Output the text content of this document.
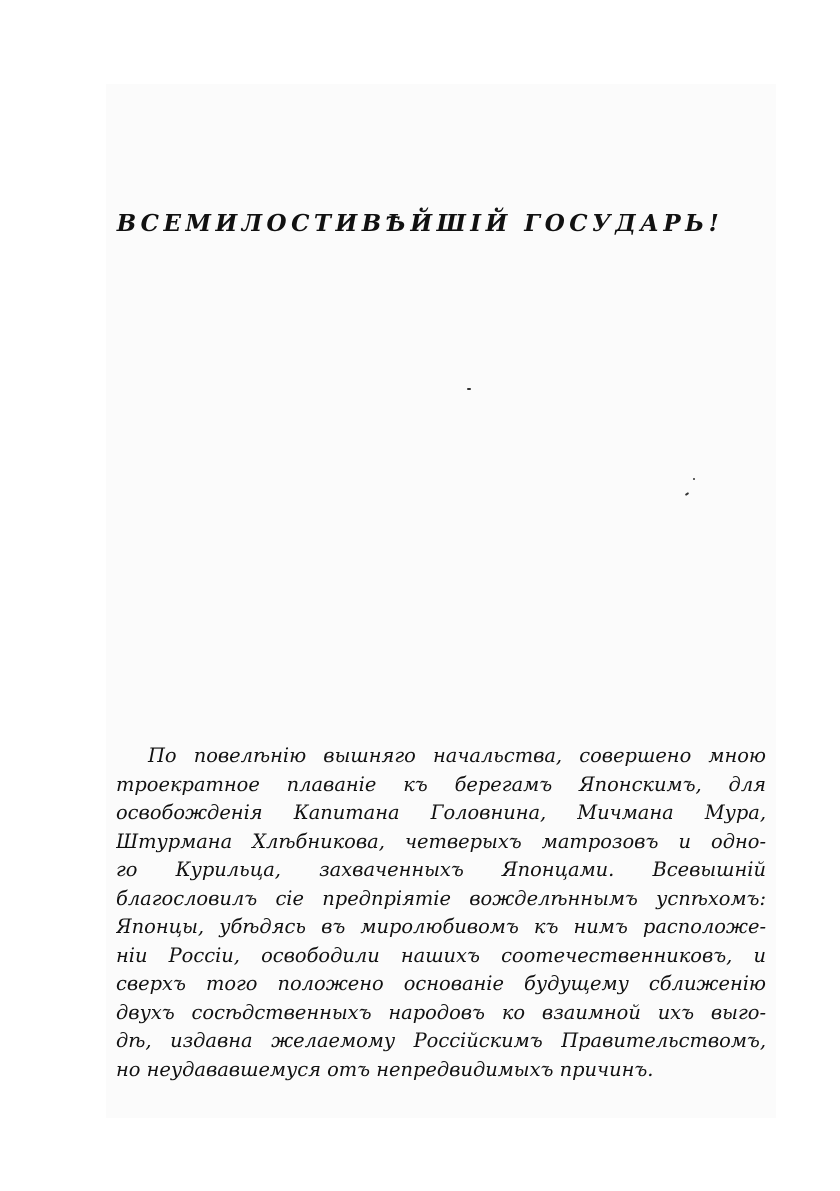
ВСЕМИЛОСТИВѢЙШІЙ ГОСУДАРЬ!
По повелѣнію вышняго начальства, совершено мною
троекратное плаваніе къ берегамъ Японскимъ, для
освобожденія Капитана Головнина, Мичмана Мура,
Штурмана Хлѣбникова, четверыхъ матрозовъ и одно-
го Курильца, захваченныхъ Японцами. Всевышній
благословилъ сіе предпріятіе вожделѣннымъ успѣхомъ:
Японцы, убѣдясь въ миролюбивомъ къ нимъ расположе-
ніи Россіи, освободили нашихъ соотечественниковъ, и
сверхъ того положено основаніе будущему сближенію
двухъ сосѣдственныхъ народовъ ко взаимной ихъ выго-
дѣ, издавна желаемому Россійскимъ Правительствомъ,
но неудававшемуся отъ непредвидимыхъ причинъ.
